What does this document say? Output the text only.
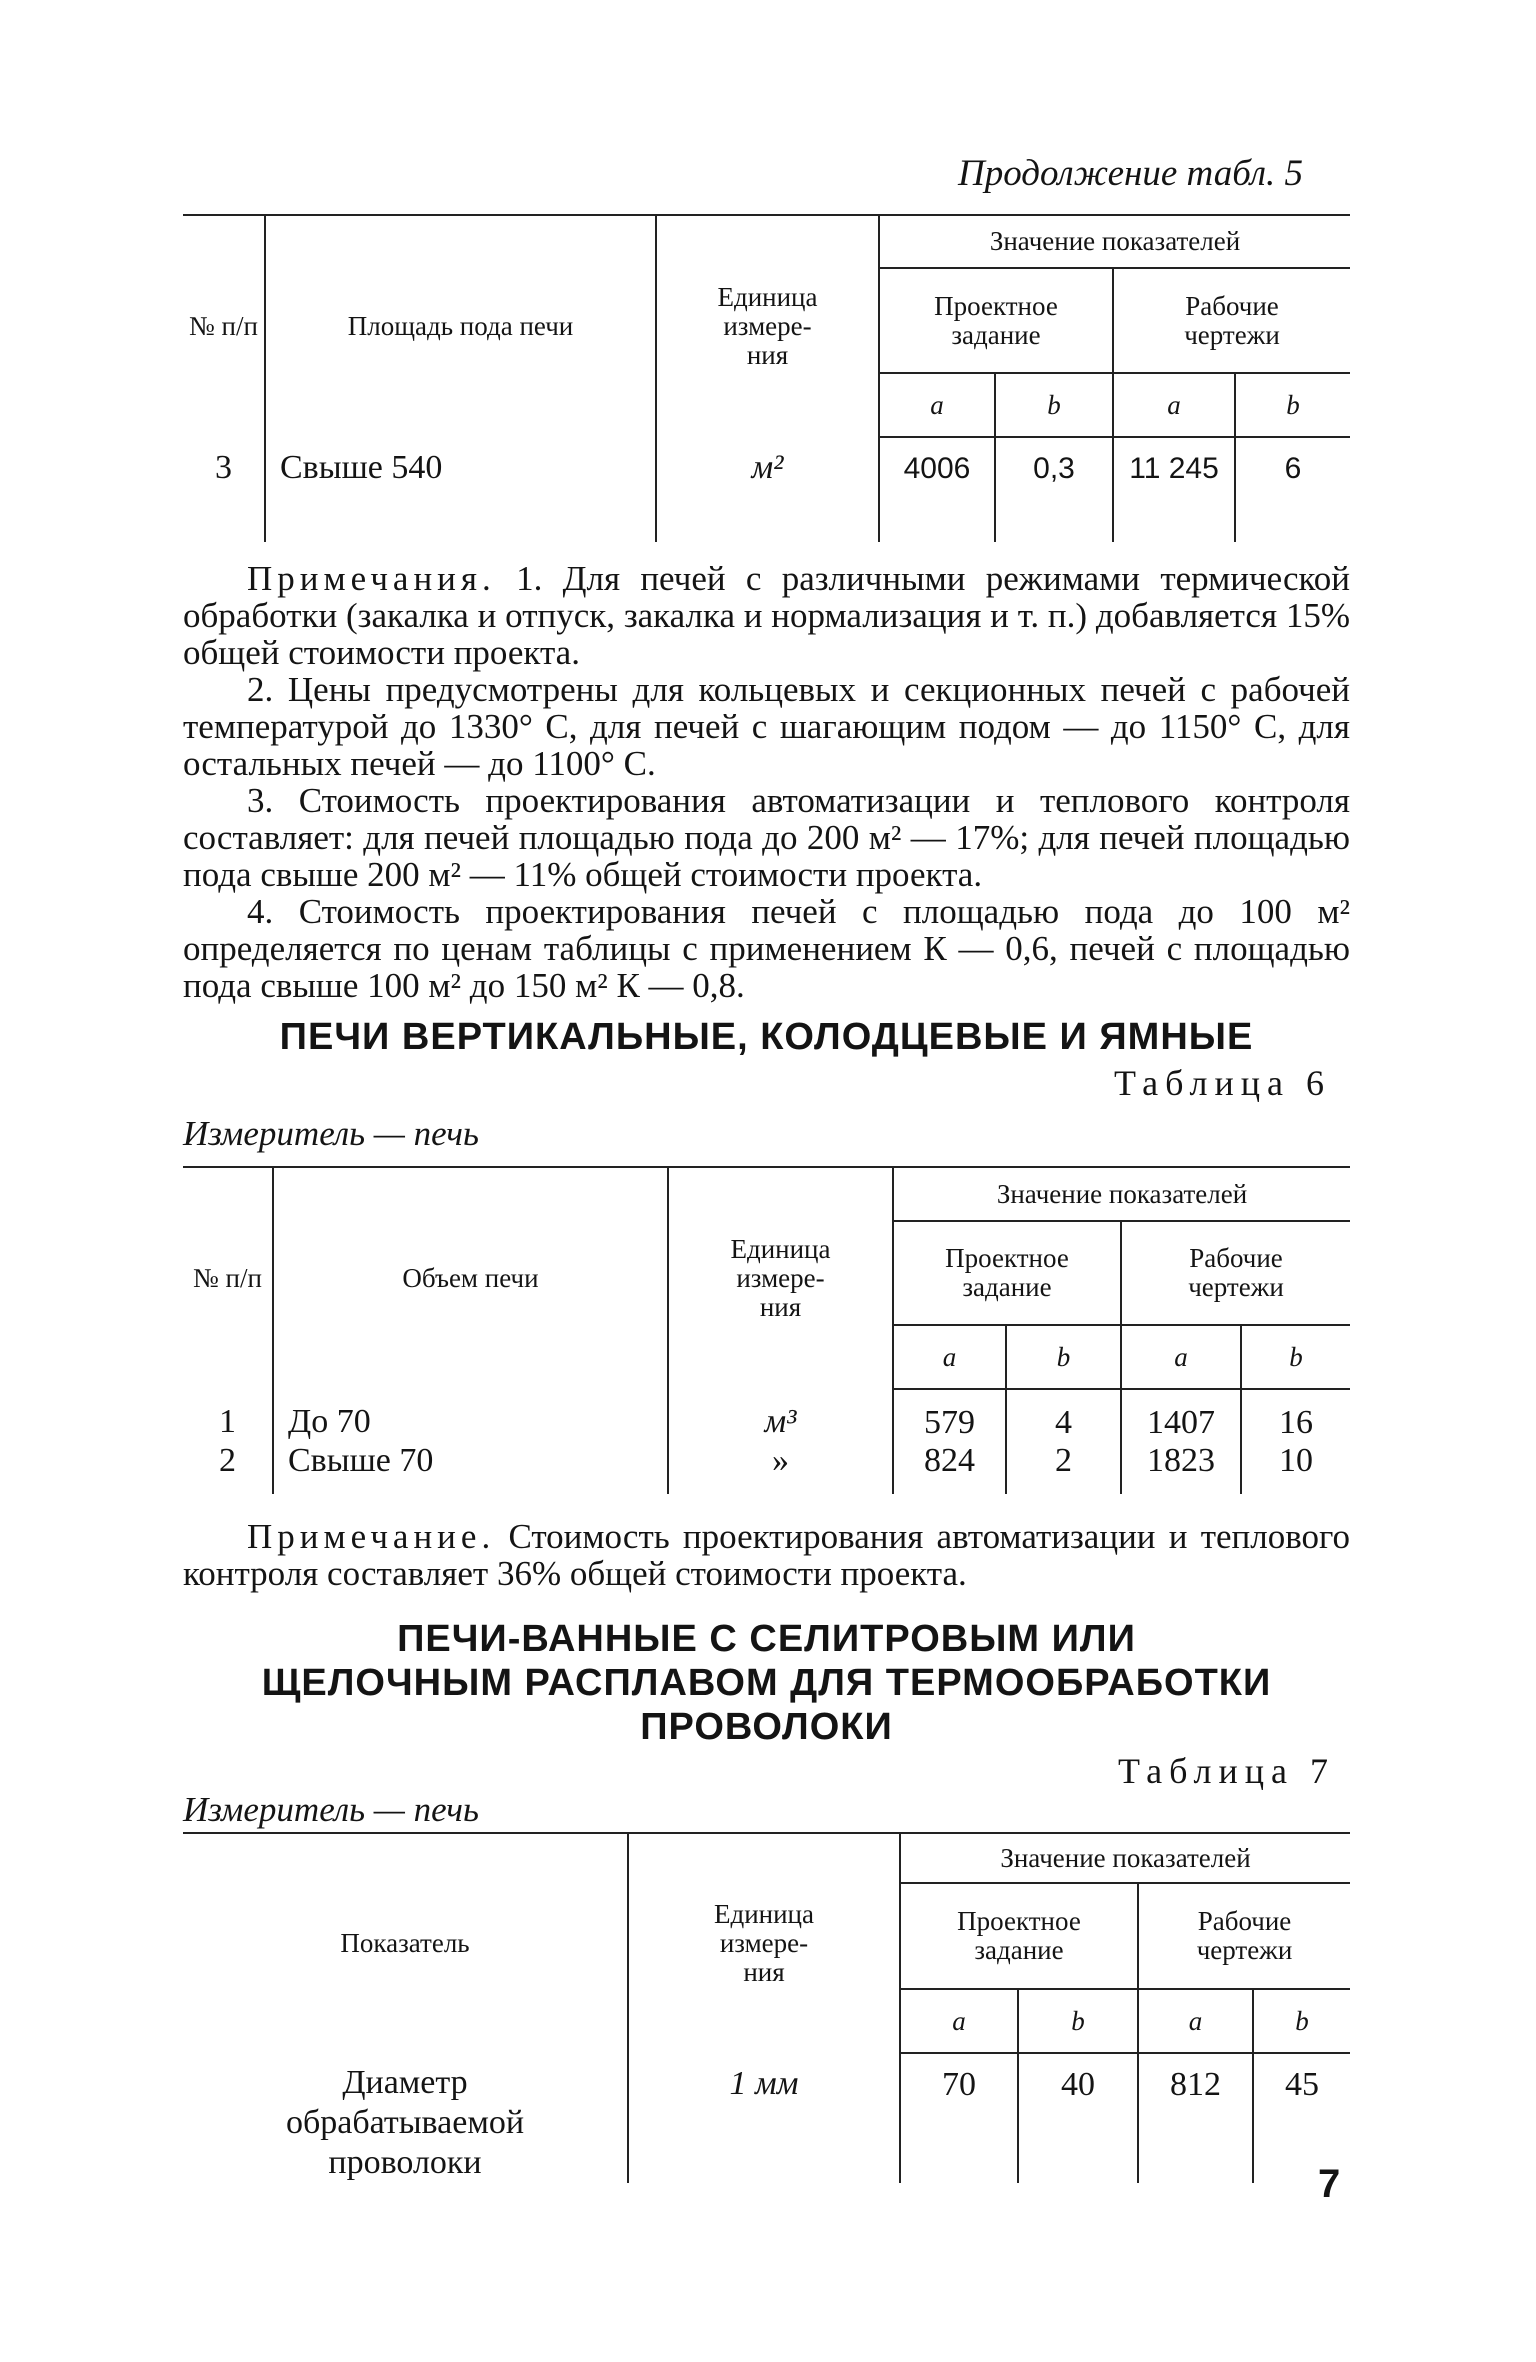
Продолжение табл. 5
№ п/п	Площадь пода печи	Единица измере- ния	Значение показателей			
			Проектное задание		Рабочие чертежи	
			a	b	a	b
3	Свыше 540	м²	4006	0,3	11 245	6

Примечания. 1. Для печей с различными режимами термической обработки (закалка и отпуск, закалка и нормализация и т. п.) добавляется 15% общей стоимости проекта.

2. Цены предусмотрены для кольцевых и секционных печей с рабочей температурой до 1330° С, для печей с шагающим подом — до 1150° С, для остальных печей — до 1100° С.

3. Стоимость проектирования автоматизации и теплового контроля составляет: для печей площадью пода до 200 м² — 17%; для печей площадью пода свыше 200 м² — 11% общей стоимости проекта.

4. Стоимость проектирования печей с площадью пода до 100 м² определяется по ценам таблицы с применением К — 0,6, печей с площадью пода свыше 100 м² до 150 м² К — 0,8.

ПЕЧИ ВЕРТИКАЛЬНЫЕ, КОЛОДЦЕВЫЕ И ЯМНЫЕ
Таблица 6
Измеритель — печь
№ п/п	Объем печи	Единица измере- ния	Значение показателей			
			Проектное задание		Рабочие чертежи	
			a	b	a	b
1	До 70	м³	579	4	1407	16
2	Свыше 70	»	824	2	1823	10

Примечание. Стоимость проектирования автоматизации и теплового контроля составляет 36% общей стоимости проекта.

ПЕЧИ-ВАННЫЕ С СЕЛИТРОВЫМ ИЛИ
ЩЕЛОЧНЫМ РАСПЛАВОМ ДЛЯ ТЕРМООБРАБОТКИ
ПРОВОЛОКИ
Таблица 7
Измеритель — печь
Показатель	Единица измере- ния	Значение показателей			
		Проектное задание		Рабочие чертежи	
		a	b	a	b
Диаметр обрабатываемой проволоки	1 мм	70	40	812	45
7
